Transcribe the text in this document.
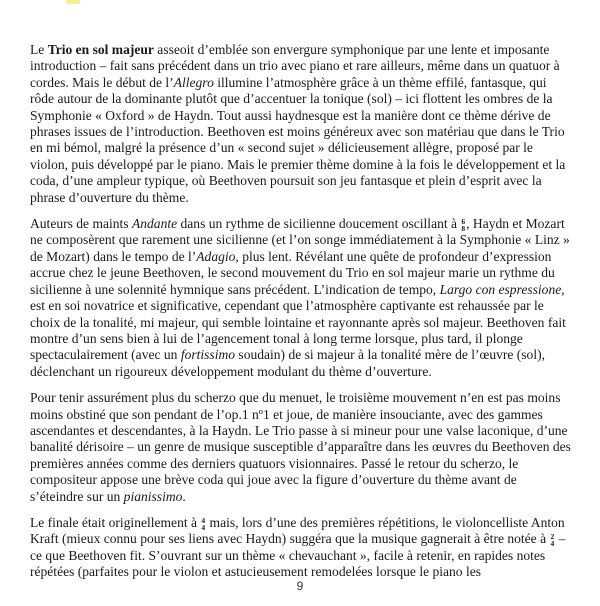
Le Trio en sol majeur asseoit d’emblée son envergure symphonique par une lente et imposante introduction – fait sans précédent dans un trio avec piano et rare ailleurs, même dans un quatuor à cordes. Mais le début de l’Allegro illumine l’atmosphère grâce à un thème effilé, fantasque, qui rôde autour de la dominante plutôt que d’accentuer la tonique (sol) – ici flottent les ombres de la Symphonie « Oxford » de Haydn. Tout aussi haydnesque est la manière dont ce thème dérive de phrases issues de l’introduction. Beethoven est moins généreux avec son matériau que dans le Trio en mi bémol, malgré la présence d’un « second sujet » délicieusement allègre, proposé par le violon, puis développé par le piano. Mais le premier thème domine à la fois le développement et la coda, d’une ampleur typique, où Beethoven poursuit son jeu fantasque et plein d’esprit avec la phrase d’ouverture du thème.

Auteurs de maints Andante dans un rythme de sicilienne doucement oscillant à 6
8 , Haydn et Mozart ne composèrent que rarement une sicilienne (et l’on songe immédiatement à la Symphonie « Linz » de Mozart) dans le tempo de l’Adagio, plus lent. Révélant une quête de profondeur d’expression accrue chez le jeune Beethoven, le second mouvement du Trio en sol majeur marie un rythme du sicilienne à une solennité hymnique sans précédent. L’indication de tempo, Largo con espressione, est en soi novatrice et significative, cependant que l’atmosphère captivante est rehaussée par le choix de la tonalité, mi majeur, qui semble lointaine et rayonnante après sol majeur. Beethoven fait montre d’un sens bien à lui de l’agencement tonal à long terme lorsque, plus tard, il plonge spectaculairement (avec un fortissimo soudain) de si majeur à la tonalité mère de l’œuvre (sol), déclenchant un rigoureux développement modulant du thème d’ouverture.

Pour tenir assurément plus du scherzo que du menuet, le troisième mouvement n’en est pas moins moins obstiné que son pendant de l’op.1 nº1 et joue, de manière insouciante, avec des gammes ascendantes et descendantes, à la Haydn. Le Trio passe à si mineur pour une valse laconique, d’une banalité dérisoire – un genre de musique susceptible d’apparaître dans les œuvres du Beethoven des premières années comme des derniers quatuors visionnaires. Passé le retour du scherzo, le compositeur appose une brève coda qui joue avec la figure d’ouverture du thème avant de s’éteindre sur un pianissimo.

Le finale était originellement à 4
4 mais, lors d’une des premières répétitions, le violoncelliste Anton Kraft (mieux connu pour ses liens avec Haydn) suggéra que la musique gagnerait à être notée à 2
4 – ce que Beethoven fit. S’ouvrant sur un thème « chevauchant », facile à retenir, en rapides notes répétées (parfaites pour le violon et astucieusement remodelées lorsque le piano les

9
